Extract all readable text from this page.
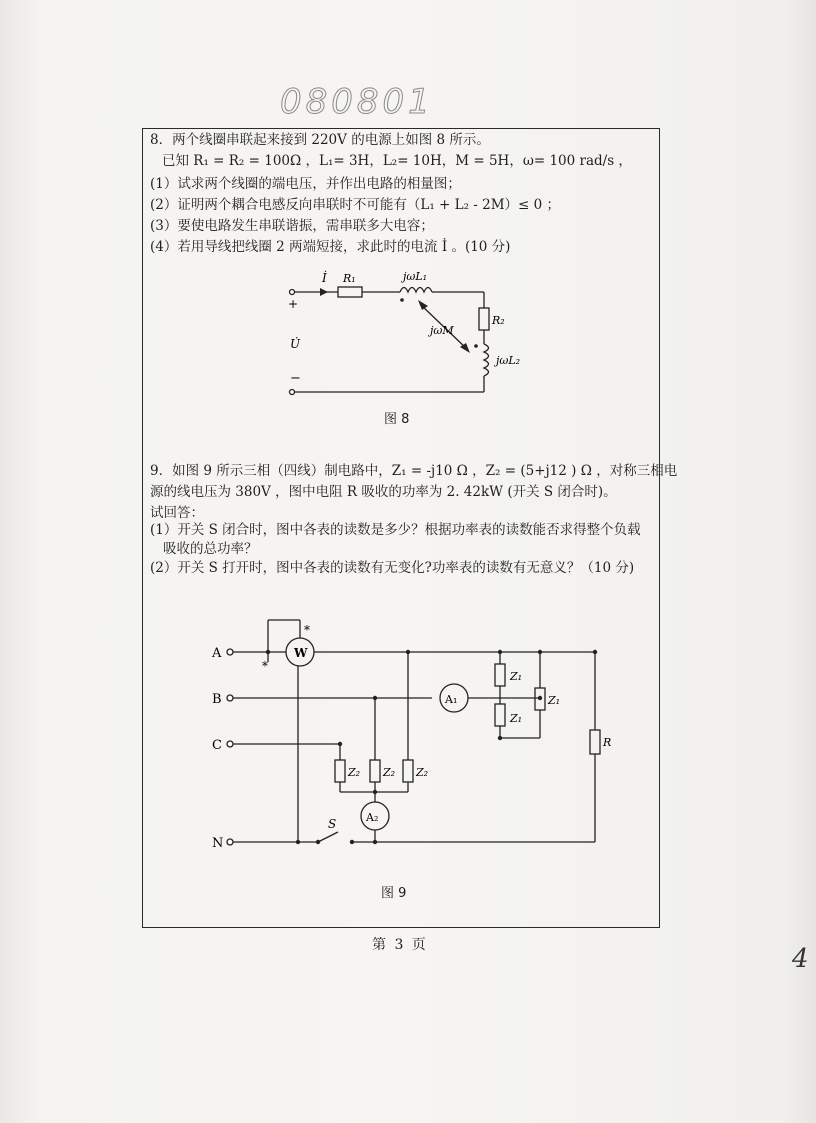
080801
8．两个线圈串联起来接到 220V 的电源上如图 8 所示。
已知 R₁ = R₂ = 100Ω ，L₁= 3H，L₂= 10H，M = 5H，ω= 100 rad/s ，
(1）试求两个线圈的端电压，并作出电路的相量图；
(2）证明两个耦合电感反向串联时不可能有（L₁ + L₂ - 2M）≤ 0 ；
(3）要使电路发生串联谐振，需串联多大电容；
(4）若用导线把线圈 2 两端短接，求此时的电流 İ 。(10 分)
İ R₁	jωL₁
R₂
jωM
jωL₂
U̇
+
−
图 8
9．如图 9 所示三相（四线）制电路中，Z₁ = -j10 Ω ，Z₂ = (5+j12 ) Ω ，对称三相电
源的线电压为 380V ，图中电阻 R 吸收的功率为 2. 42kW (开关 S 闭合时)。
试回答：
(1）开关 S 闭合时，图中各表的读数是多少？根据功率表的读数能否求得整个负载
吸收的总功率？
(2）开关 S 打开时，图中各表的读数有无变化?功率表的读数有无意义？（10 分)
A
B
C
N
W
A₁
A₂
Z₁
Z₁
Z₁
Z₂ Z₂ Z₂
R
S
*
*
图 9
第 3 页	4
